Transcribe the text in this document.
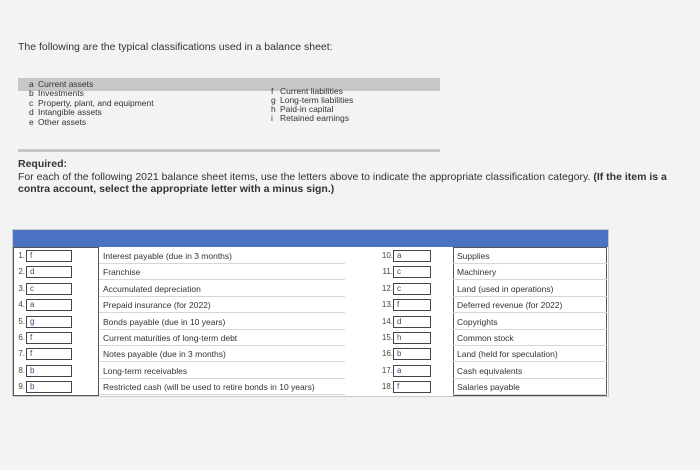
The following are the typical classifications used in a balance sheet:
a Current assets
b Investments
c Property, plant, and equipment
d Intangible assets
e Other assets
f Current liabilities
g Long-term liabilities
h Paid-in capital
i Retained earnings
Required:
For each of the following 2021 balance sheet items, use the letters above to indicate the appropriate classification category. (If the item is a contra account, select the appropriate letter with a minus sign.)
1. f	Interest payable (due in 3 months)
2. d	Franchise
3. c	Accumulated depreciation
4. a	Prepaid insurance (for 2022)
5. g	Bonds payable (due in 10 years)
6. f	Current maturities of long-term debt
7. f	Notes payable (due in 3 months)
8. b	Long-term receivables
9. b	Restricted cash (will be used to retire bonds in 10 years)
10. a	Supplies
11. c	Machinery
12. c	Land (used in operations)
13. f	Deferred revenue (for 2022)
14. d	Copyrights
15. h	Common stock
16. b	Land (held for speculation)
17. a	Cash equivalents
18. f	Salaries payable
